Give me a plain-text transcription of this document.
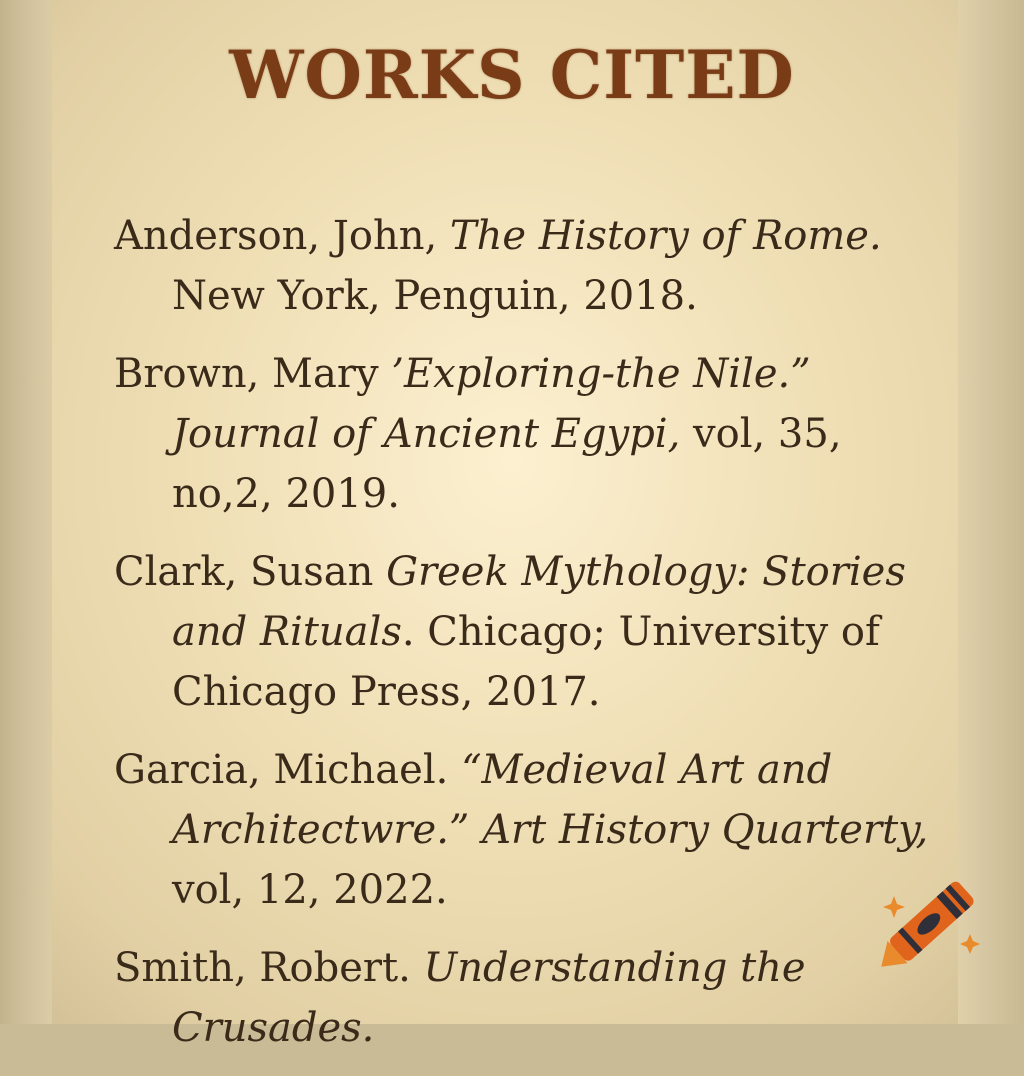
WORKS CITED

Anderson, John, The History of Rome. New York, Penguin, 2018.

Brown, Mary ’Exploring-the Nile.” Journal of Ancient Egypi, vol, 35, no,2, 2019.

Clark, Susan Greek Mythology: Stories and Rituals. Chicago; University of Chicago Press, 2017.

Garcia, Michael. “Medieval Art and Architectwre.” Art History Quarterty, vol, 12, 2022.

Smith, Robert. Understanding the Crusades.
